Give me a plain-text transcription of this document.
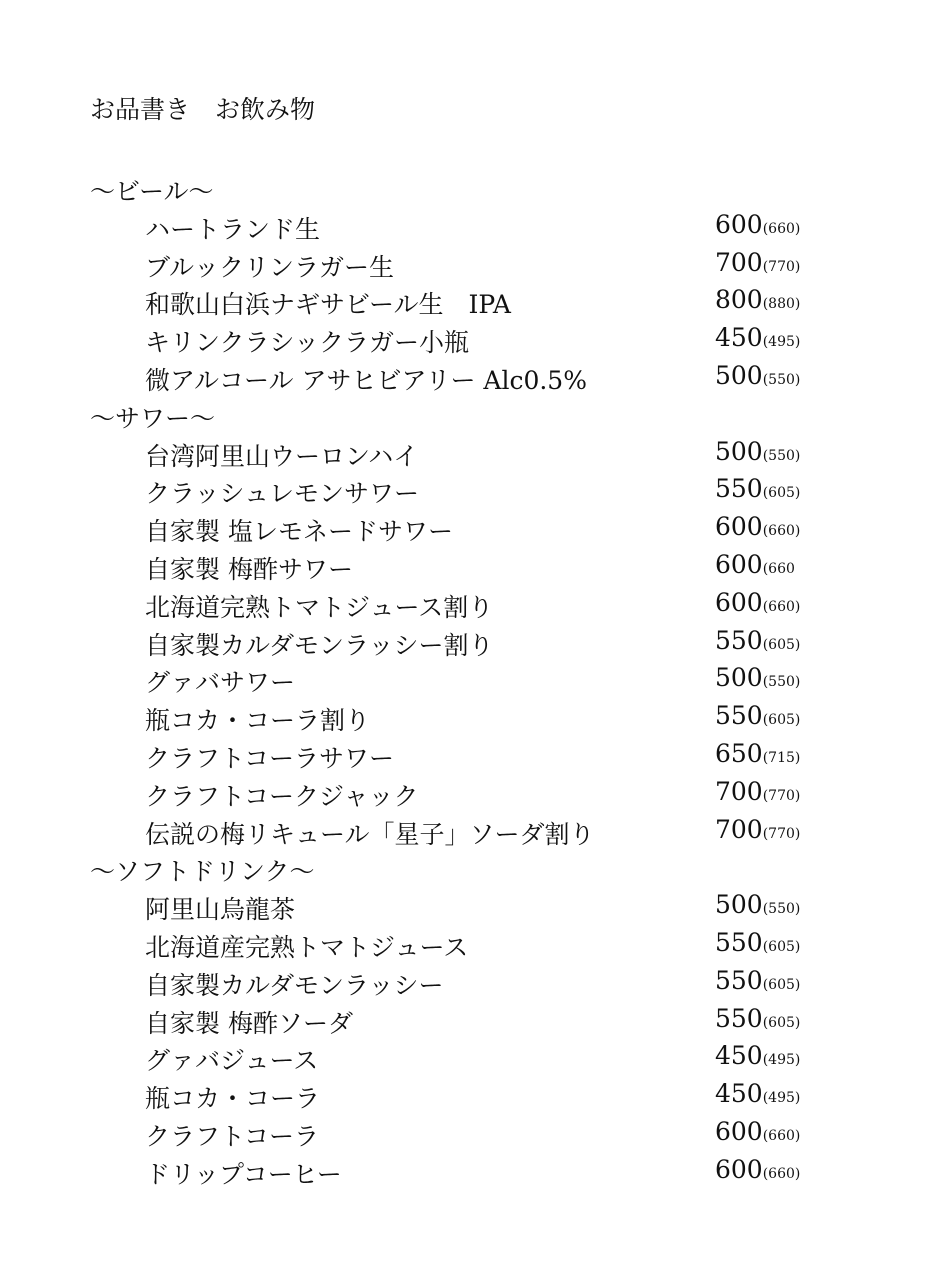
お品書き　お飲み物
〜ビール〜
ハートランド生	600(660)
ブルックリンラガー生	700(770)
和歌山白浜ナギサビール生　IPA	800(880)
キリンクラシックラガー小瓶	450(495)
微アルコール アサヒビアリー Alc0.5%	500(550)
〜サワー〜
台湾阿里山ウーロンハイ	500(550)
クラッシュレモンサワー	550(605)
自家製 塩レモネードサワー	600(660)
自家製 梅酢サワー	600(660
北海道完熟トマトジュース割り	600(660)
自家製カルダモンラッシー割り	550(605)
グァバサワー	500(550)
瓶コカ・コーラ割り	550(605)
クラフトコーラサワー	650(715)
クラフトコークジャック	700(770)
伝説の梅リキュール「星子」ソーダ割り	700(770)
〜ソフトドリンク〜
阿里山烏龍茶	500(550)
北海道産完熟トマトジュース	550(605)
自家製カルダモンラッシー	550(605)
自家製 梅酢ソーダ	550(605)
グァバジュース	450(495)
瓶コカ・コーラ	450(495)
クラフトコーラ	600(660)
ドリップコーヒー	600(660)
